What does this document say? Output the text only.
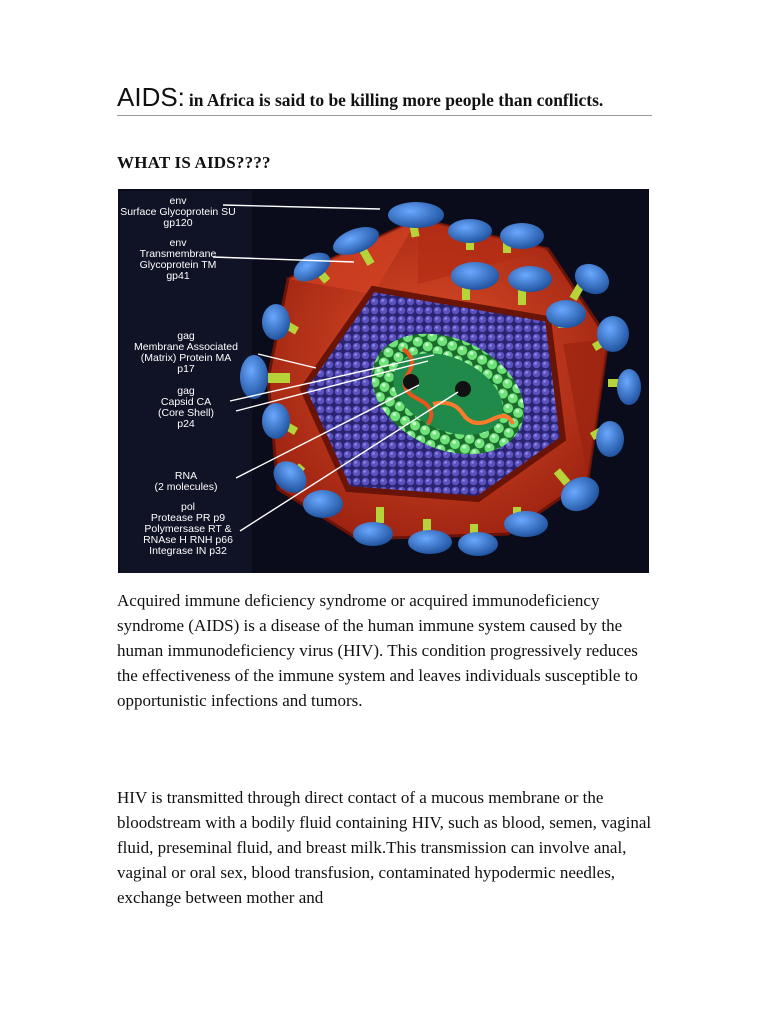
AIDS: in Africa is said to be killing more people than conflicts.
WHAT IS AIDS????
env
Surface Glycoprotein SU
gp120
env
Transmembrane
Glycoprotein TM
gp41
gag
Membrane Associated
(Matrix) Protein MA
p17
gag
Capsid CA
(Core Shell)
p24
RNA
(2 molecules)
pol
Protease PR p9
Polymersase RT &
RNAse H RNH p66
Integrase IN p32

Acquired immune deficiency syndrome or acquired immunodeficiency syndrome (AIDS) is a disease of the human immune system caused by the human immunodeficiency virus (HIV). This condition progressively reduces the effectiveness of the immune system and leaves individuals susceptible to opportunistic infections and tumors.

HIV is transmitted through direct contact of a mucous membrane or the bloodstream with a bodily fluid containing HIV, such as blood, semen, vaginal fluid, preseminal fluid, and breast milk.This transmission can involve anal, vaginal or oral sex, blood transfusion, contaminated hypodermic needles, exchange between mother and
